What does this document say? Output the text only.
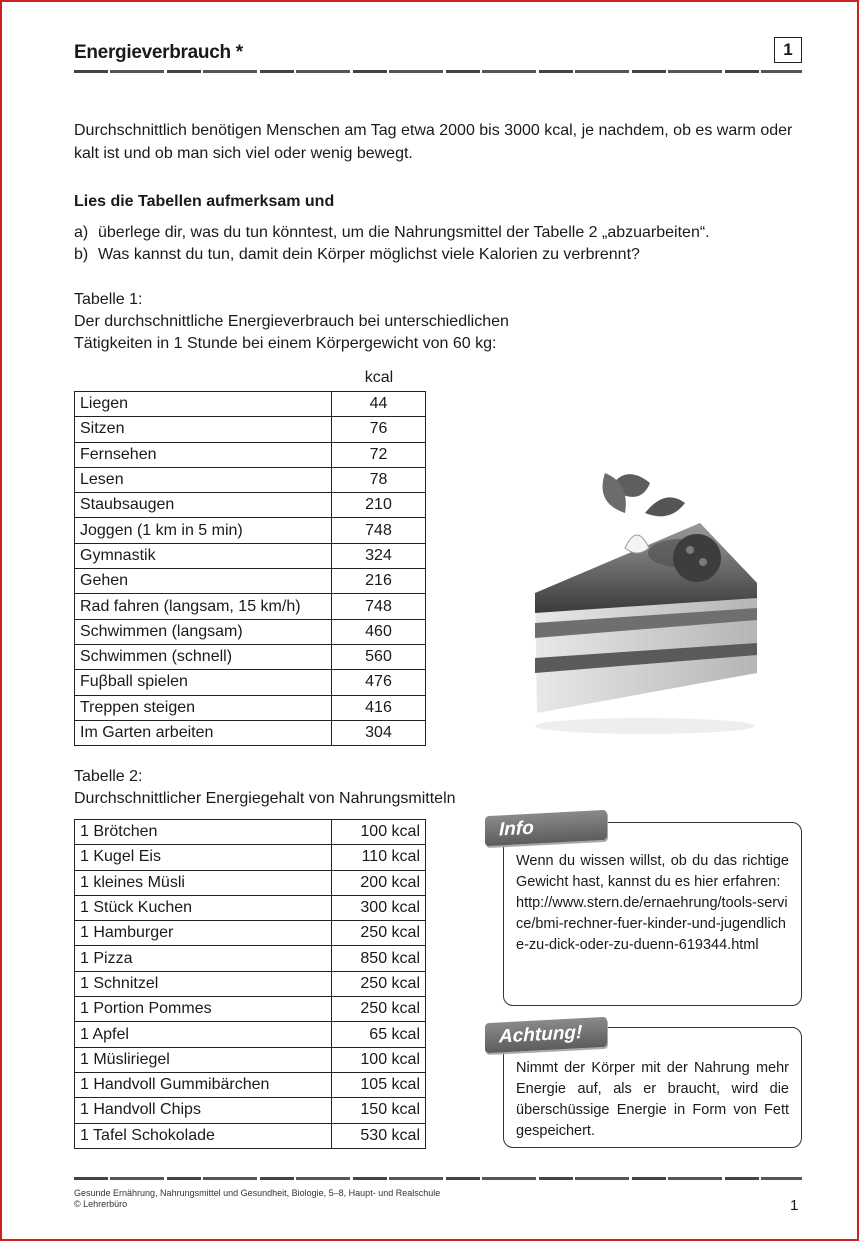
Energieverbrauch *	1
Durchschnittlich benötigen Menschen am Tag etwa 2000 bis 3000 kcal, je nachdem, ob es warm oder kalt ist und ob man sich viel oder wenig bewegt.
Lies die Tabellen aufmerksam und
a) überlege dir, was du tun könntest, um die Nahrungsmittel der Tabelle 2 „abzuarbeiten“.
b) Was kannst du tun, damit dein Körper möglichst viele Kalorien zu verbrennt?
Tabelle 1:
Der durchschnittliche Energieverbrauch bei unterschiedlichen
Tätigkeiten in 1 Stunde bei einem Körpergewicht von 60 kg:
kcal
Liegen	44
Sitzen	76
Fernsehen	72
Lesen	78
Staubsaugen	210
Joggen (1 km in 5 min)	748
Gymnastik	324
Gehen	216
Rad fahren (langsam, 15 km/h)	748
Schwimmen (langsam)	460
Schwimmen (schnell)	560
Fuβball spielen	476
Treppen steigen	416
Im Garten arbeiten	304
Tabelle 2:
Durchschnittlicher Energiegehalt von Nahrungsmitteln
1 Brötchen	100 kcal
1 Kugel Eis	110 kcal
1 kleines Müsli	200 kcal
1 Stück Kuchen	300 kcal
1 Hamburger	250 kcal
1 Pizza	850 kcal
1 Schnitzel	250 kcal
1 Portion Pommes	250 kcal
1 Apfel	65 kcal
1 Müsliriegel	100 kcal
1 Handvoll Gummibärchen	105 kcal
1 Handvoll Chips	150 kcal
1 Tafel Schokolade	530 kcal
Wenn du wissen willst, ob du das richtige Gewicht hast, kannst du es hier erfahren:
http://www.stern.de/ernaehrung/tools-service/bmi-rechner-fuer-kinder-und-jugendliche-zu-dick-oder-zu-duenn-619344.html
Info
Nimmt der Körper mit der Nahrung mehr Energie auf, als er braucht, wird die überschüssige Energie in Form von Fett gespeichert.
Achtung!
Gesunde Ernährung, Nahrungsmittel und Gesundheit, Biologie, 5–8, Haupt- und Realschule
© Lehrerbüro	1
